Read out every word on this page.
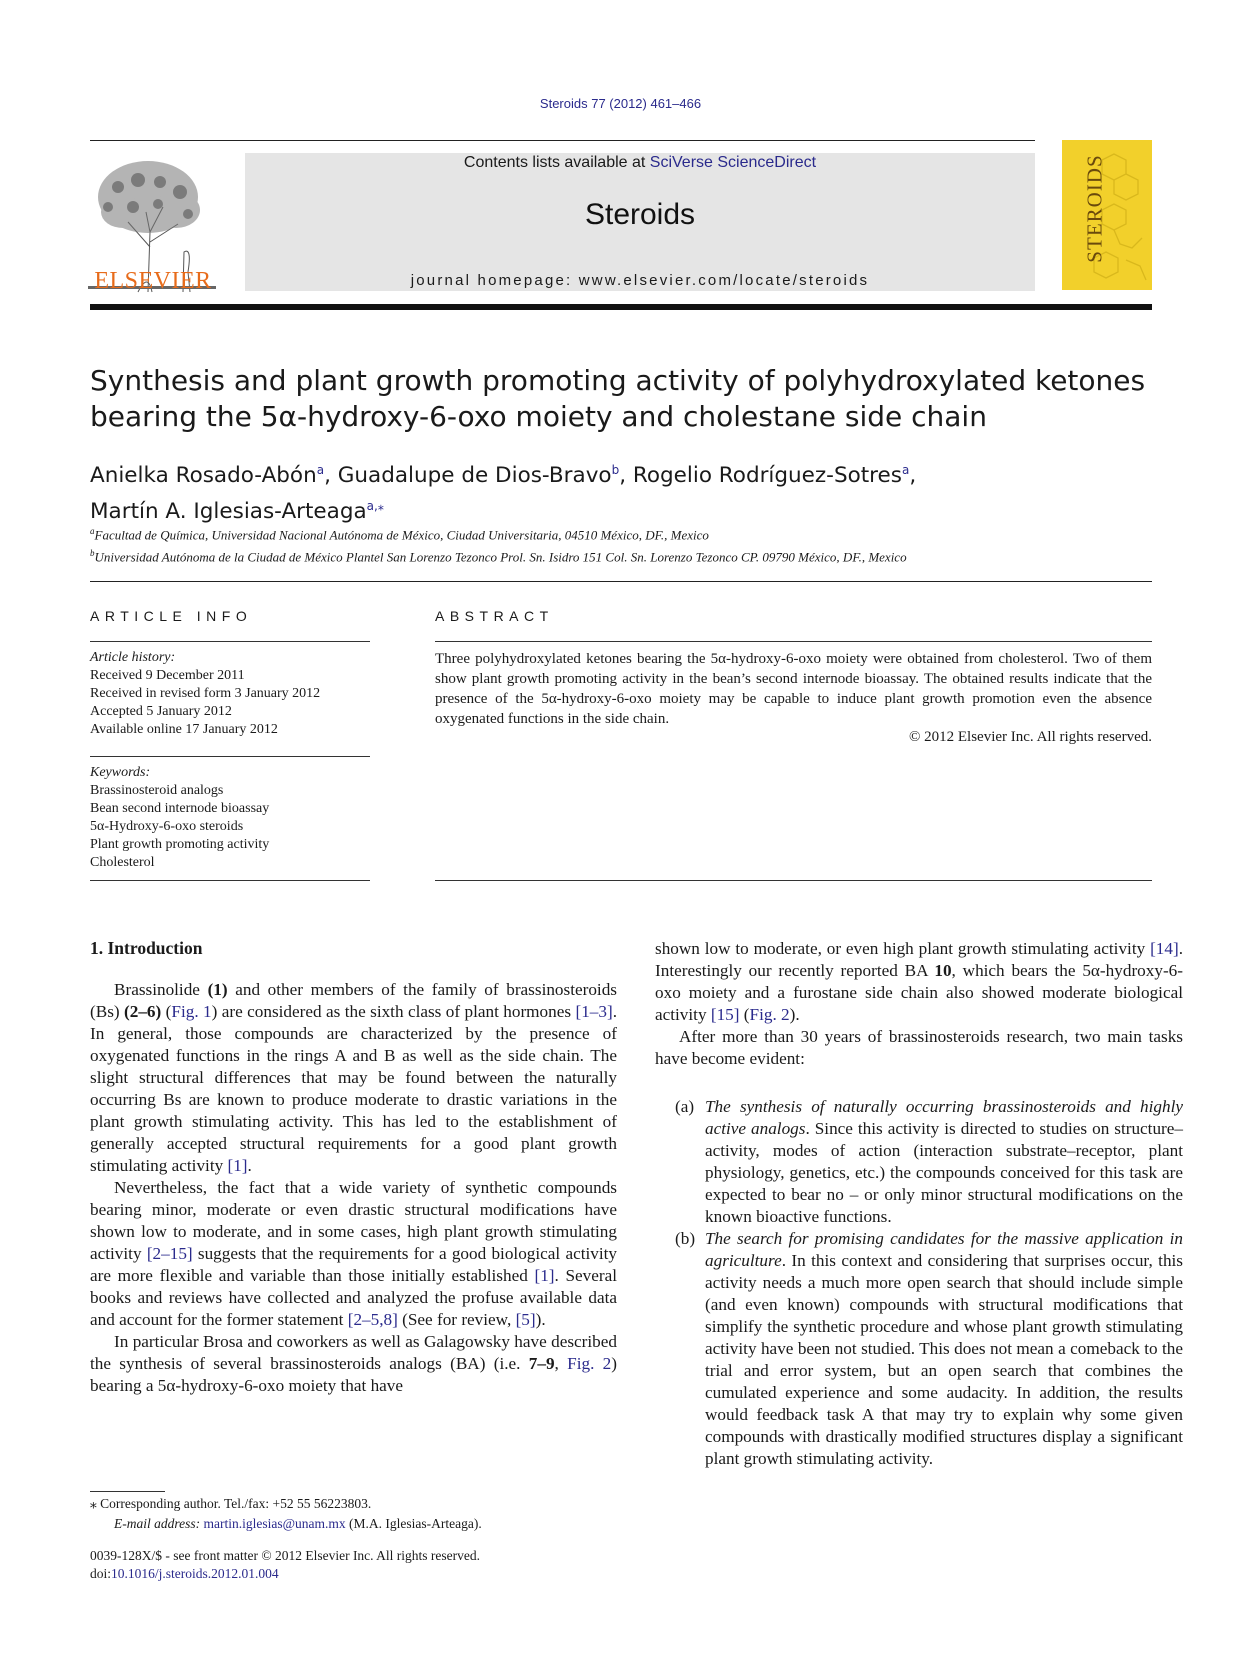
Steroids 77 (2012) 461–466
ELSEVIER
Contents lists available at SciVerse ScienceDirect
Steroids
journal homepage: www.elsevier.com/locate/steroids
STEROIDS
Synthesis and plant growth promoting activity of polyhydroxylated ketones
bearing the 5α-hydroxy-6-oxo moiety and cholestane side chain
Anielka Rosado-Abón$^a$, Guadalupe de Dios-Bravo$^b$, Rogelio Rodríguez-Sotres$^a$,
Martín A. Iglesias-Arteaga$^{a,⁎}$
$^a$Facultad de Química, Universidad Nacional Autónoma de México, Ciudad Universitaria, 04510 México, DF., Mexico
$^b$Universidad Autónoma de la Ciudad de México Plantel San Lorenzo Tezonco Prol. Sn. Isidro 151 Col. Sn. Lorenzo Tezonco CP. 09790 México, DF., Mexico
ARTICLE INFO
Article history:
Received 9 December 2011
Received in revised form 3 January 2012
Accepted 5 January 2012
Available online 17 January 2012
Keywords:
Brassinosteroid analogs
Bean second internode bioassay
5α-Hydroxy-6-oxo steroids
Plant growth promoting activity
Cholesterol
ABSTRACT
Three polyhydroxylated ketones bearing the 5α-hydroxy-6-oxo moiety were obtained from cholesterol. Two of them show plant growth promoting activity in the bean’s second internode bioassay. The obtained results indicate that the presence of the 5α-hydroxy-6-oxo moiety may be capable to induce plant growth promotion even the absence oxygenated functions in the side chain.
© 2012 Elsevier Inc. All rights reserved.
1. Introduction

Brassinolide (1) and other members of the family of brassinosteroids (Bs) (2–6) (Fig. 1) are considered as the sixth class of plant hormones [1–3]. In general, those compounds are characterized by the presence of oxygenated functions in the rings A and B as well as the side chain. The slight structural differences that may be found between the naturally occurring Bs are known to produce moderate to drastic variations in the plant growth stimulating activity. This has led to the establishment of generally accepted structural requirements for a good plant growth stimulating activity [1].

Nevertheless, the fact that a wide variety of synthetic compounds bearing minor, moderate or even drastic structural modifications have shown low to moderate, and in some cases, high plant growth stimulating activity [2–15] suggests that the requirements for a good biological activity are more flexible and variable than those initially established [1]. Several books and reviews have collected and analyzed the profuse available data and account for the former statement [2–5,8] (See for review, [5]).

In particular Brosa and coworkers as well as Galagowsky have described the synthesis of several brassinosteroids analogs (BA) (i.e. 7–9, Fig. 2) bearing a 5α-hydroxy-6-oxo moiety that have

shown low to moderate, or even high plant growth stimulating activity [14]. Interestingly our recently reported BA 10, which bears the 5α-hydroxy-6-oxo moiety and a furostane side chain also showed moderate biological activity [15] (Fig. 2).

After more than 30 years of brassinosteroids research, two main tasks have become evident:

(a) The synthesis of naturally occurring brassinosteroids and highly active analogs. Since this activity is directed to studies on structure–activity, modes of action (interaction substrate–receptor, plant physiology, genetics, etc.) the compounds conceived for this task are expected to bear no – or only minor structural modifications on the known bioactive functions.

(b) The search for promising candidates for the massive application in agriculture. In this context and considering that surprises occur, this activity needs a much more open search that should include simple (and even known) compounds with structural modifications that simplify the synthetic procedure and whose plant growth stimulating activity have been not studied. This does not mean a comeback to the trial and error system, but an open search that combines the cumulated experience and some audacity. In addition, the results would feedback task A that may try to explain why some given compounds with drastically modified structures display a significant plant growth stimulating activity.

⁎ Corresponding author. Tel./fax: +52 55 56223803.
E-mail address: martin.iglesias@unam.mx (M.A. Iglesias-Arteaga).
0039-128X/$ - see front matter © 2012 Elsevier Inc. All rights reserved.
doi:10.1016/j.steroids.2012.01.004
